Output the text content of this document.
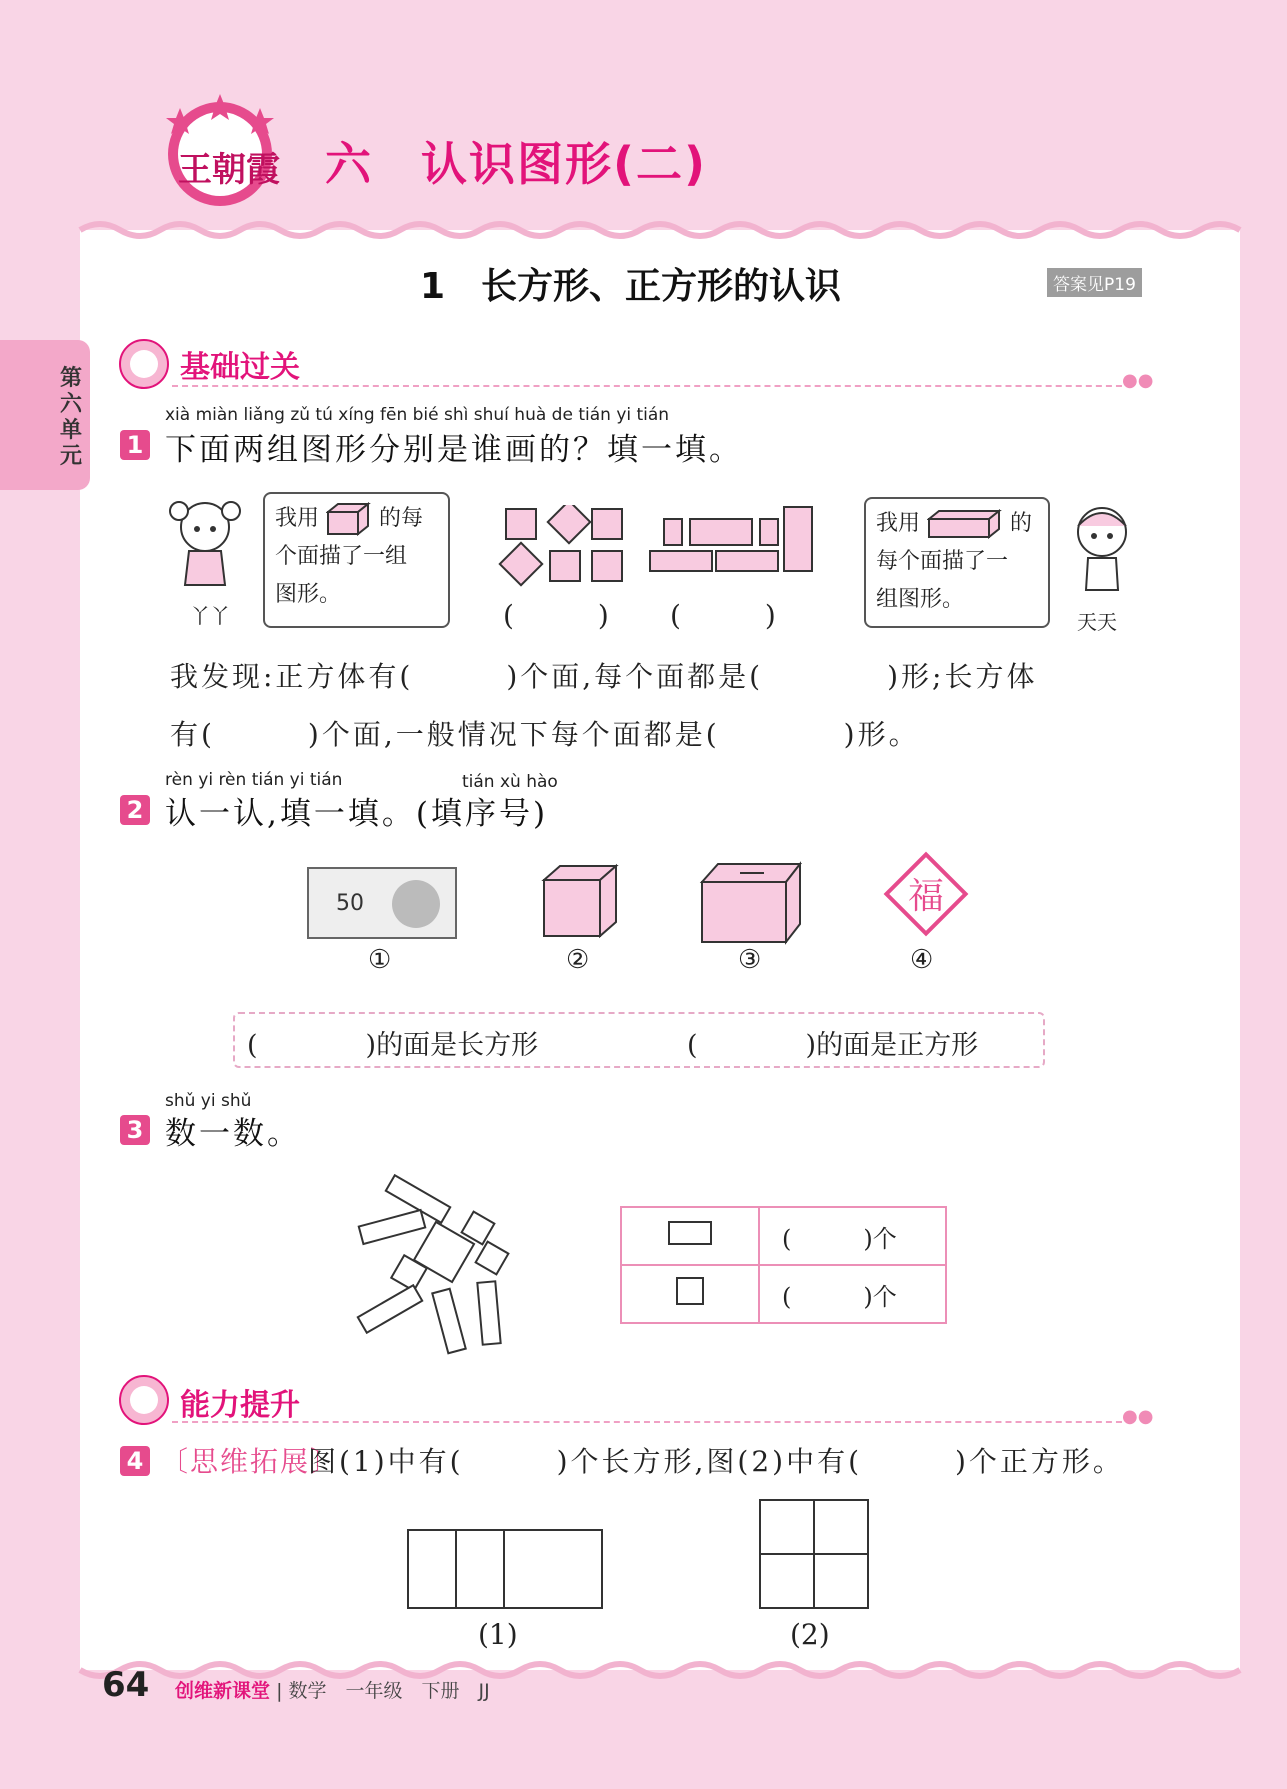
王朝霞 六　认识图形(二)
第六单元
1　长方形、正方形的认识	答案见P19
基础过关	●●
xià miàn liǎng zǔ tú xíng fēn bié shì shuí huà de tián yi tián
1 下面两组图形分别是谁画的？填一填。
丫丫
我用	的每
个面描了一组
图形。
(　　　) (　　　)
我用	的
每个面描了一
组图形。
天天
我发现:正方体有(　　　)个面,每个面都是(　　　　)形;长方体
有(　　　)个面,一般情况下每个面都是(　　　　)形。
rèn yi rèn tián yi tián	tián xù hào
2 认一认,填一填。(填序号)
50	福
①	②	③	④
(　　　　)的面是长方形	(　　　　)的面是正方形
shǔ yi shǔ
3 数一数。
	(　　　)个
	(　　　)个
能力提升	●●
4 〔思维拓展〕
图(1)中有(　　　)个长方形,图(2)中有(　　　)个正方形。
(1)	(2)
64 创维新课堂 | 数学　一年级　下册　JJ
